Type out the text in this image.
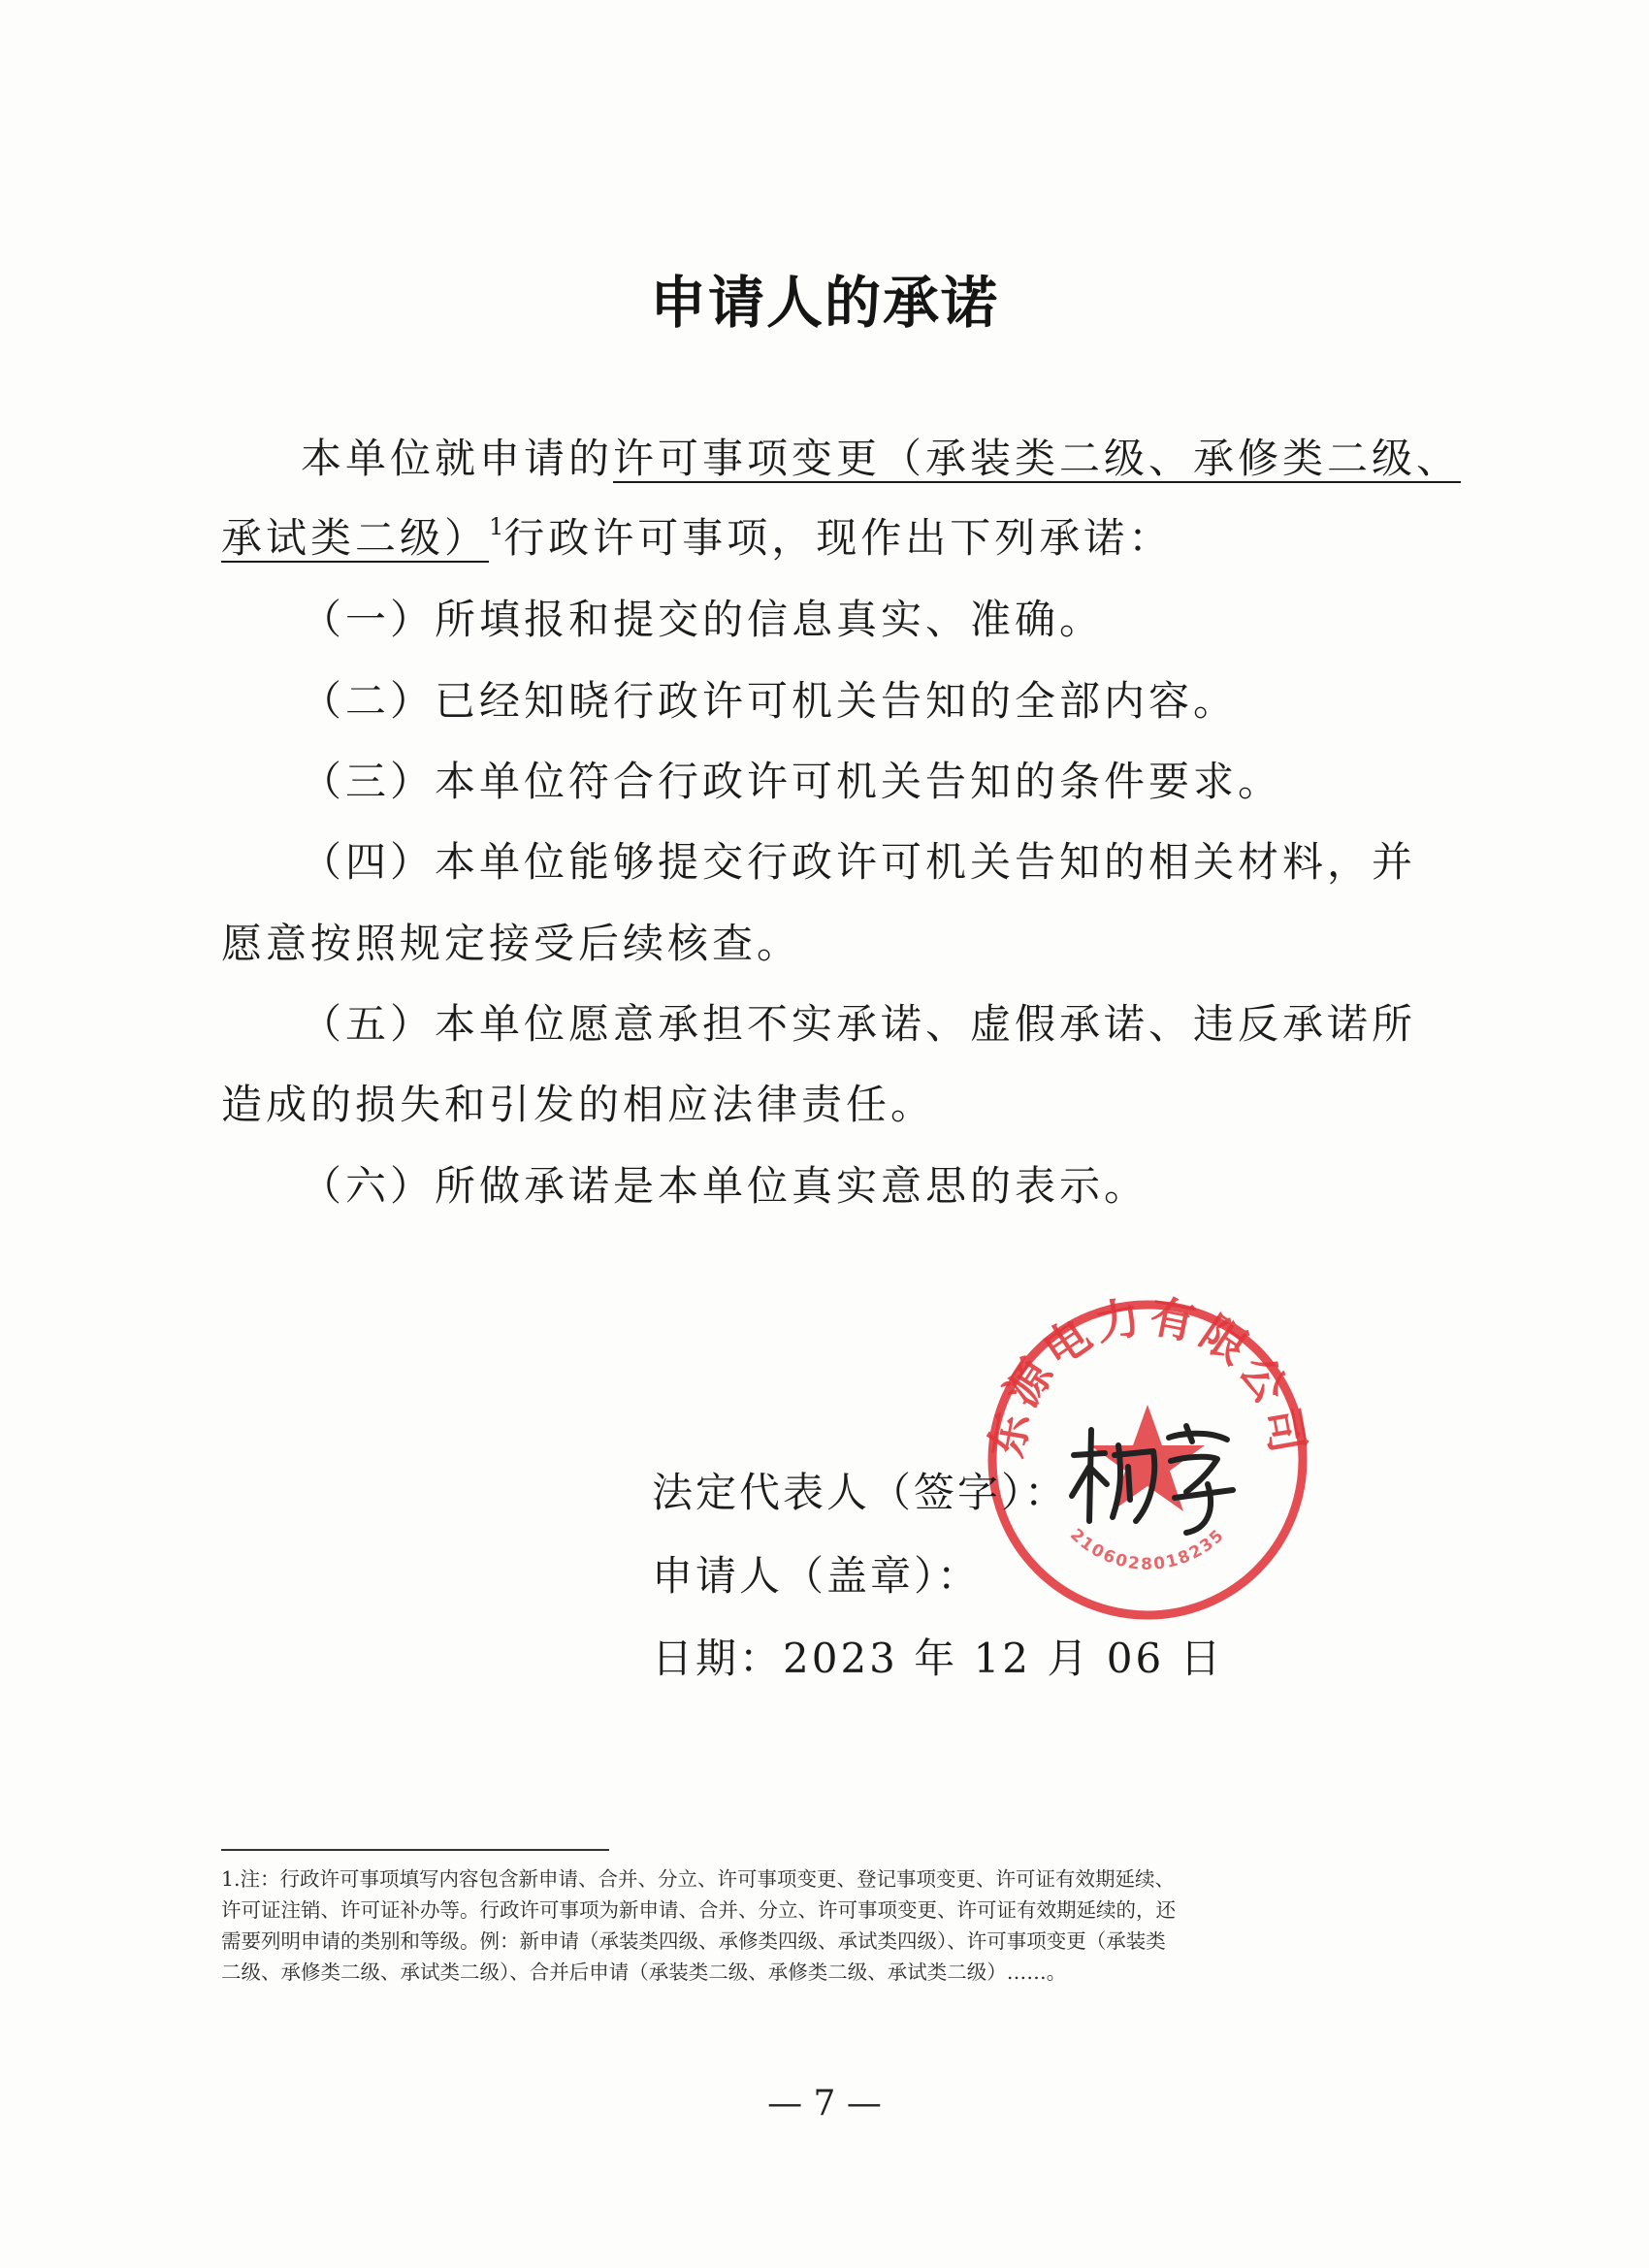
申请人的承诺
本单位就申请的许可事项变更（承装类二级、承修类二级、
承试类二级）$^1$行政许可事项，现作出下列承诺：
（一）所填报和提交的信息真实、准确。
（二）已经知晓行政许可机关告知的全部内容。
（三）本单位符合行政许可机关告知的条件要求。
（四）本单位能够提交行政许可机关告知的相关材料，并
愿意按照规定接受后续核查。
（五）本单位愿意承担不实承诺、虚假承诺、违反承诺所
造成的损失和引发的相应法律责任。
（六）所做承诺是本单位真实意思的表示。
东源电力有限公司
2106028018235
法定代表人（签字）：
申请人（盖章）：
日期：2023 年 12 月 06 日
1.注：行政许可事项填写内容包含新申请、合并、分立、许可事项变更、登记事项变更、许可证有效期延续、
许可证注销、许可证补办等。行政许可事项为新申请、合并、分立、许可事项变更、许可证有效期延续的，还
需要列明申请的类别和等级。例：新申请（承装类四级、承修类四级、承试类四级）、许可事项变更（承装类
二级、承修类二级、承试类二级）、合并后申请（承装类二级、承修类二级、承试类二级）……。
— 7 —
